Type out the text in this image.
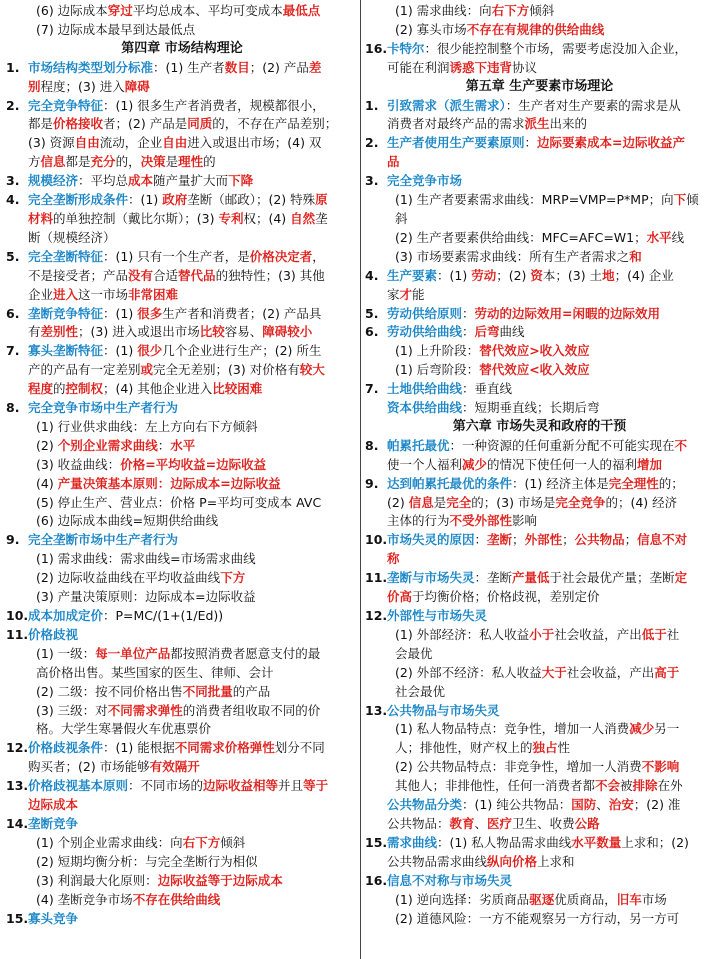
(6) 边际成本穿过平均总成本、平均可变成本最低点
(7) 边际成本最早到达最低点
第四章 市场结构理论
1. 市场结构类型划分标准：(1) 生产者数目；(2) 产品差
别程度；(3) 进入障碍
2. 完全竞争特征：(1) 很多生产者消费者，规模都很小，
都是价格接收者；(2) 产品是同质的，不存在产品差别；
(3) 资源自由流动，企业自由进入或退出市场；(4) 双
方信息都是充分的，决策是理性的
3. 规模经济：平均总成本随产量扩大而下降
4. 完全垄断形成条件：(1) 政府垄断（邮政）；(2) 特殊原
材料的单独控制（戴比尔斯）；(3) 专利权；(4) 自然垄
断（规模经济）
5. 完全垄断特征：(1) 只有一个生产者，是价格决定者，
不是接受者；产品没有合适替代品的独特性；(3) 其他
企业进入这一市场非常困难
6. 垄断竞争特征：(1) 很多生产者和消费者；(2) 产品具
有差别性；(3) 进入或退出市场比较容易、障碍较小
7. 寡头垄断特征：(1) 很少几个企业进行生产；(2) 所生
产的产品有一定差别或完全无差别；(3) 对价格有较大
程度的控制权；(4) 其他企业进入比较困难
8. 完全竞争市场中生产者行为
(1) 行业供求曲线：左上方向右下方倾斜
(2) 个别企业需求曲线：水平
(3) 收益曲线：价格=平均收益=边际收益
(4) 产量决策基本原则：边际成本=边际收益
(5) 停止生产、营业点：价格 P=平均可变成本 AVC
(6) 边际成本曲线=短期供给曲线
9. 完全垄断市场中生产者行为
(1) 需求曲线：需求曲线=市场需求曲线
(2) 边际收益曲线在平均收益曲线下方
(3) 产量决策原则：边际成本=边际收益
10. 成本加成定价：P=MC/(1+(1/Ed))
11. 价格歧视
(1) 一级：每一单位产品都按照消费者愿意支付的最
高价格出售。某些国家的医生、律师、会计
(2) 二级：按不同价格出售不同批量的产品
(3) 三级：对不同需求弹性的消费者组收取不同的价
格。大学生寒暑假火车优惠票价
12. 价格歧视条件：(1) 能根据不同需求价格弹性划分不同
购买者；(2) 市场能够有效隔开
13. 价格歧视基本原则：不同市场的边际收益相等并且等于
边际成本
14. 垄断竞争
(1) 个别企业需求曲线：向右下方倾斜
(2) 短期均衡分析：与完全垄断行为相似
(3) 利润最大化原则：边际收益等于边际成本
(4) 垄断竞争市场不存在供给曲线
15. 寡头竞争
(1) 需求曲线：向右下方倾斜
(2) 寡头市场不存在有规律的供给曲线
16. 卡特尔：很少能控制整个市场，需要考虑没加入企业，
可能在利润诱惑下违背协议
第五章 生产要素市场理论
1. 引致需求（派生需求）：生产者对生产要素的需求是从
消费者对最终产品的需求派生出来的
2. 生产者使用生产要素原则：边际要素成本=边际收益产
品
3. 完全竞争市场
(1) 生产者要素需求曲线：MRP=VMP=P*MP；向下倾
斜
(2) 生产者要素供给曲线：MFC=AFC=W1；水平线
(3) 市场要素需求曲线：所有生产者需求之和
4. 生产要素：(1) 劳动；(2) 资本；(3) 土地；(4) 企业
家才能
5. 劳动供给原则：劳动的边际效用=闲暇的边际效用
6. 劳动供给曲线：后弯曲线
(1) 上升阶段：替代效应>收入效应
(1) 后弯阶段：替代效应<收入效应
7. 土地供给曲线：垂直线
资本供给曲线：短期垂直线；长期后弯
第六章 市场失灵和政府的干预
8. 帕累托最优：一种资源的任何重新分配不可能实现在不
使一个人福利减少的情况下使任何一人的福利增加
9. 达到帕累托最优的条件：(1) 经济主体是完全理性的；
(2) 信息是完全的；(3) 市场是完全竞争的；(4) 经济
主体的行为不受外部性影响
10. 市场失灵的原因：垄断；外部性；公共物品；信息不对
称
11. 垄断与市场失灵：垄断产量低于社会最优产量；垄断定
价高于均衡价格；价格歧视，差别定价
12. 外部性与市场失灵
(1) 外部经济：私人收益小于社会收益，产出低于社
会最优
(2) 外部不经济：私人收益大于社会收益，产出高于
社会最优
13. 公共物品与市场失灵
(1) 私人物品特点：竞争性，增加一人消费减少另一
人；排他性，财产权上的独占性
(2) 公共物品特点：非竞争性，增加一人消费不影响
其他人；非排他性，任何一消费者都不会被排除在外
公共物品分类：(1) 纯公共物品：国防、治安；(2) 准
公共物品：教育、医疗卫生、收费公路
15. 需求曲线：(1) 私人物品需求曲线水平数量上求和；(2)
公共物品需求曲线纵向价格上求和
16. 信息不对称与市场失灵
(1) 逆向选择：劣质商品驱逐优质商品，旧车市场
(2) 道德风险：一方不能观察另一方行动，另一方可
